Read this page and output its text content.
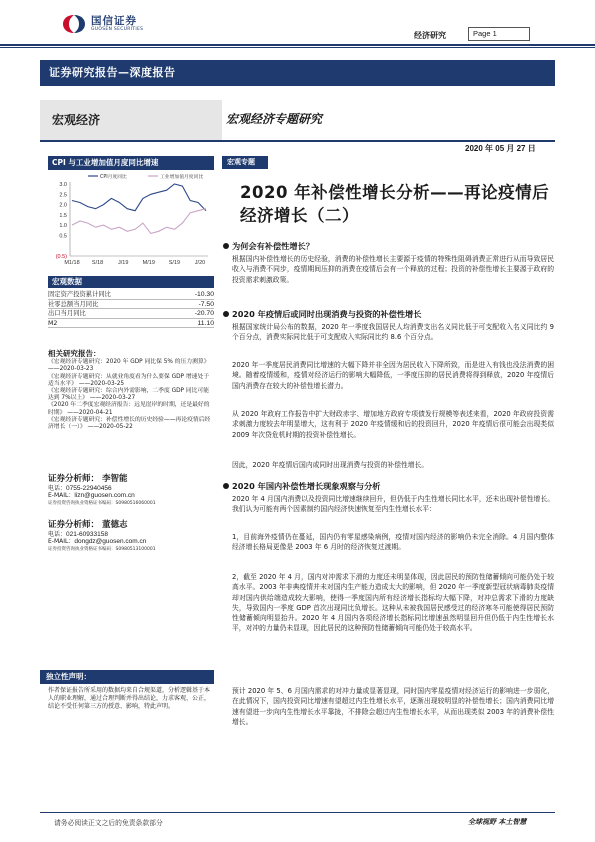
国信证券
GUOSEN SECURITIES
经济研究	Page 1
证券研究报告—深度报告
宏观经济	宏观经济专题研究
2020 年 05 月 27 日
CPI 与工业增加值月度同比增速
3.0
2.5
2.0
1.5
1.0
0.5
(0.5)
M1/18 S/18	J/19	M/19	S/19	J/20
CPI月度同比	工业增加值月度同比
宏观数据
固定资产投资累计同比	-10.30
社零总额当月同比	-7.50
出口当月同比	-20.70
M2	11.10
相关研究报告：
《宏观经济专题研究：2020 年 GDP 同比保 5% 的压力测算》 ——2020-03-23
《宏观经济专题研究：从就业角度看为什么要保 GDP 增速处于适当水平》 ——2020-03-25
《宏观经济专题研究：综合内外需影响，二季度 GDP 同比可能达到 7%以上》 ——2020-03-27
《2020 年二季度宏观经济报告：远见崖岸的时期，还是最好的时期》 ——2020-04-21
《宏观经济专题研究：补偿性增长的历史经验——再论疫情后经济增长（一）》 ——2020-05-22
证券分析师： 李智能
电话：0755-22940456
E-MAIL：lizn@guosen.com.cn
证券投资咨询执业资格证书编码：S0980516060001
证券分析师： 董德志
电话：021-60933158
E-MAIL：dongdz@guosen.com.cn
证券投资咨询执业资格证书编码：S0980513100001
独立性声明：
作者保证报告所采用的数据均来自合规渠道，分析逻辑基于本人的职业理解，通过合理判断并得出结论，力求客观、公正，结论不受任何第三方的授意、影响，特此声明。
宏观专题
2020 年补偿性增长分析——再论疫情后经济增长（二）
为何会有补偿性增长？
根据国内补偿性增长的历史经验，消费的补偿性增长主要源于疫情的特殊性阻碍消费正常进行从而导致居民收入与消费不同步，疫情期间压抑的消费在疫情后会有一个释放的过程；投资的补偿性增长主要源于政府的投资需求刺激政策。
2020 年疫情后或同时出现消费与投资的补偿性增长
根据国家统计局公布的数据，2020 年一季度我国居民人均消费支出名义同比低于可支配收入名义同比约 9 个百分点，消费实际同比低于可支配收入实际同比约 8.6 个百分点。
2020 年一季度居民消费同比增速的大幅下降并非全因为居民收入下降所致，而是进入有钱也没法消费的困境。随着疫情缓和，疫情对经济运行的影响大幅降低，一季度压抑的居民消费将得到释放，2020 年疫情后国内消费存在较大的补偿性增长潜力。
从 2020 年政府工作报告中扩大财政赤字、增加地方政府专项债发行规模等表述来看，2020 年政府投资需求刺激力度较去年明显增大，这有利于 2020 年疫情缓和后的投资回升，2020 年疫情后很可能会出现类似 2009 年次贷危机时期的投资补偿性增长。
因此，2020 年疫情后国内或同时出现消费与投资的补偿性增长。
2020 年国内补偿性增长现象观察与分析
2020 年 4 月国内消费以及投资同比增速继续回升，但仍低于内生性增长同比水平，还未出现补偿性增长。我们认为可能有两个因素制约国内经济快速恢复至内生性增长水平：
1，目前海外疫情仍在蔓延，国内仍有零星感染病例，疫情对国内经济的影响仍未完全消除。4 月国内整体经济增长格局更像是 2003 年 6 月时的经济恢复过渡期。
2，截至 2020 年 4 月，国内对冲需求下滑的力度还未明显体现，因此居民的预防性储蓄倾向可能仍处于较高水平。2003 年非典疫情并未对国内生产能力造成太大的影响，但 2020 年一季度新型冠状病毒肺炎疫情却对国内供给端造成较大影响，使得一季度国内所有经济增长指标均大幅下降，对冲总需求下滑的力度缺失，导致国内一季度 GDP 首次出现同比负增长。这种从未被我国居民感受过的经济寒冬可能使得居民预防性储蓄倾向明显抬升。2020 年 4 月国内各项经济增长指标同比增速虽然明显回升但仍低于内生性增长水平，对冲的力量仍未显现，因此居民的这种预防性储蓄倾向可能仍处于较高水平。
预计 2020 年 5、6 月国内需求的对冲力量或显著显现，同时国内零星疫情对经济运行的影响进一步弱化，在此情况下，国内投资同比增速有望超过内生性增长水平，逐渐出现较明显的补偿性增长；国内消费同比增速有望进一步向内生性增长水平靠拢，不排除会超过内生性增长水平，从而出现类似 2003 年的消费补偿性增长。
请务必阅读正文之后的免责条款部分	全球视野 本土智慧
